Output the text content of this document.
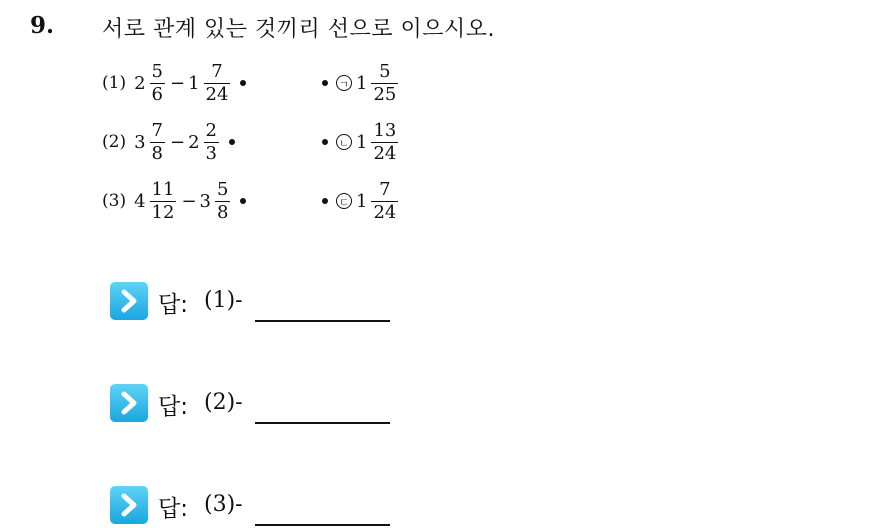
9. 서로 관계 있는 것끼리 선으로 이으시오.
(1) $2 \frac{5}{6} - 1 \frac{7}{24}$	ㄱ $1 \frac{5}{25}$
(2) $3 \frac{7}{8} - 2 \frac{2}{3}$	ㄴ $1 \frac{13}{24}$
(3) $4 \frac{11}{12} - 3 \frac{5}{8}$	ㄷ $1 \frac{7}{24}$
답: (1)-
답: (2)-
답: (3)-
